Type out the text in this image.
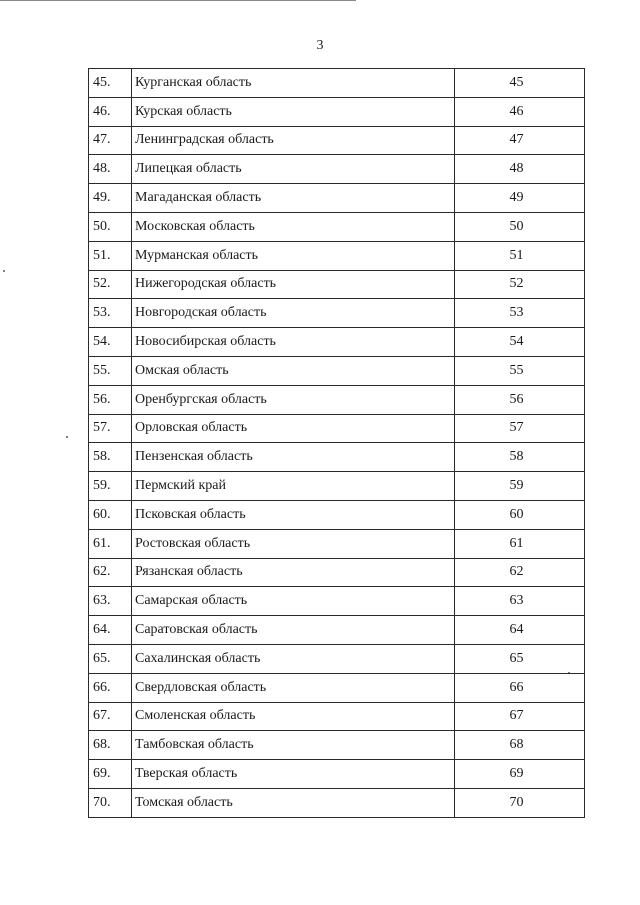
3
45.	Курганская область	45
46.	Курская область	46
47.	Ленинградская область	47
48.	Липецкая область	48
49.	Магаданская область	49
50.	Московская область	50
51.	Мурманская область	51
52.	Нижегородская область	52
53.	Новгородская область	53
54.	Новосибирская область	54
55.	Омская область	55
56.	Оренбургская область	56
57.	Орловская область	57
58.	Пензенская область	58
59.	Пермский край	59
60.	Псковская область	60
61.	Ростовская область	61
62.	Рязанская область	62
63.	Самарская область	63
64.	Саратовская область	64
65.	Сахалинская область	65
66.	Свердловская область	66
67.	Смоленская область	67
68.	Тамбовская область	68
69.	Тверская область	69
70.	Томская область	70
